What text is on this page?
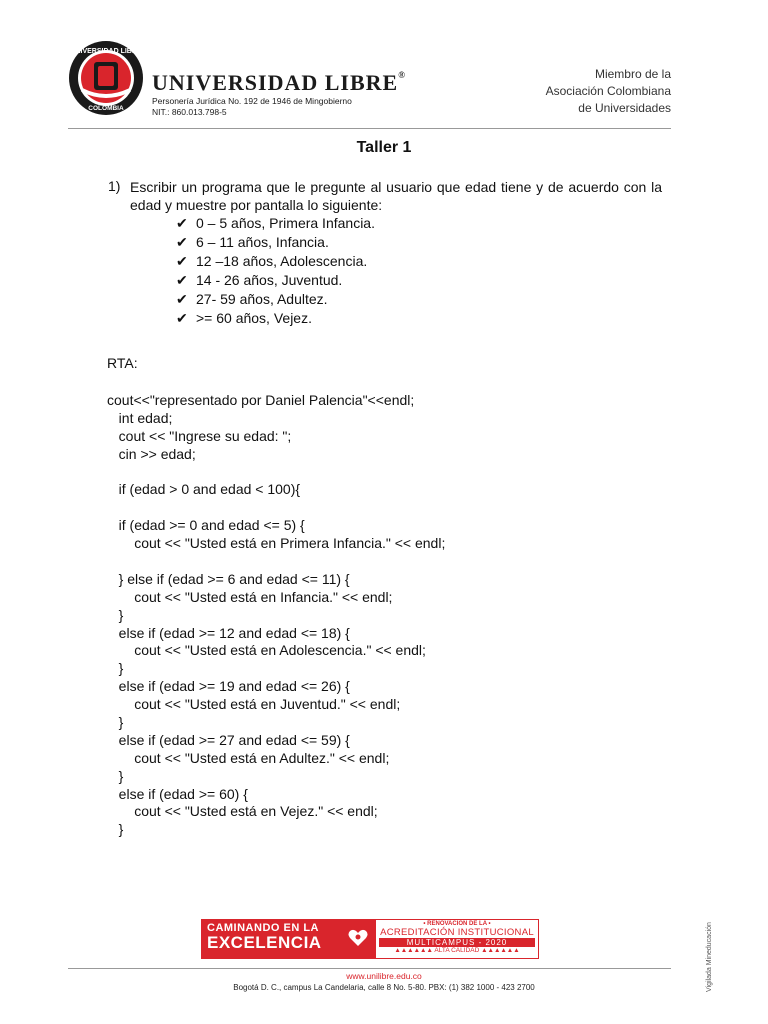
UNIVERSIDAD LIBRE
COLOMBIA
UNIVERSIDAD LIBRE®
Personería Jurídica No. 192 de 1946 de Mingobierno
NIT.: 860.013.798-5
Miembro de la
Asociación Colombiana
de Universidades
Taller 1
1) Escribir un programa que le pregunte al usuario que edad tiene y de acuerdo con la edad y muestre por pantalla lo siguiente:
✔ 0 – 5 años, Primera Infancia.
✔ 6 – 11 años, Infancia.
✔ 12 –18 años, Adolescencia.
✔ 14 - 26 años, Juventud.
✔ 27- 59 años, Adultez.
✔ >= 60 años, Vejez.
RTA:
cout<<"representado por Daniel Palencia"<<endl;
int edad;
cout << "Ingrese su edad: ";
cin >> edad;
if (edad > 0 and edad < 100){
if (edad >= 0 and edad <= 5) {
cout << "Usted está en Primera Infancia." << endl;
} else if (edad >= 6 and edad <= 11) {
cout << "Usted está en Infancia." << endl;
}
else if (edad >= 12 and edad <= 18) {
cout << "Usted está en Adolescencia." << endl;
}
else if (edad >= 19 and edad <= 26) {
cout << "Usted está en Juventud." << endl;
}
else if (edad >= 27 and edad <= 59) {
cout << "Usted está en Adultez." << endl;
}
else if (edad >= 60) {
cout << "Usted está en Vejez." << endl;
}
CAMINANDO EN LA
EXCELENCIA
• RENOVACIÓN DE LA •
ACREDITACIÓN INSTITUCIONAL
MULTICAMPUS - 2020
▲▲▲▲▲▲ ALTA CALIDAD ▲▲▲▲▲▲	Vigilada Mineducación
www.unilibre.edu.co
Bogotá D. C., campus La Candelaria, calle 8 No. 5-80. PBX: (1) 382 1000 - 423 2700
